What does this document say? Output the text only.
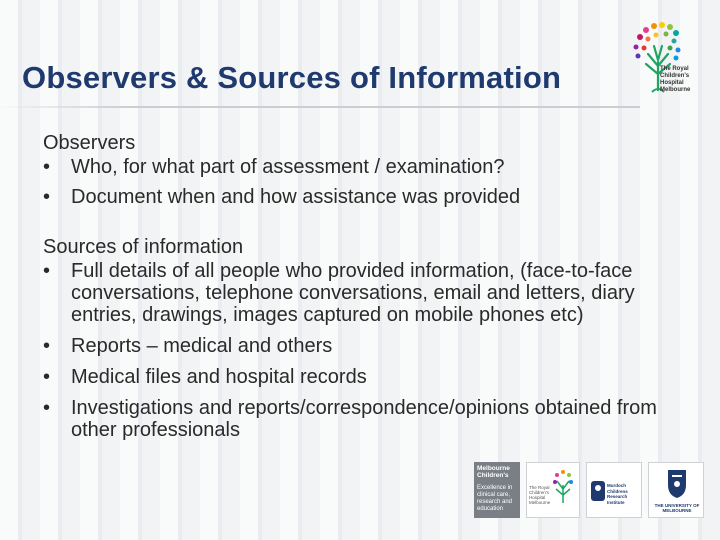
Observers & Sources of Information	The Royal
Children's
Hospital
Melbourne
Observers
•	Who, for what part of assessment / examination?
•	Document when and how assistance was provided
Sources of information
•	Full details of all people who provided information, (face-to-face conversations, telephone conversations, email and letters, diary entries, drawings, images captured on mobile phones etc)
•	Reports – medical and others
•	Medical files and hospital records
•	Investigations and reports/correspondence/opinions obtained from other professionals
Melbourne Children's
Excellence in clinical care, research and education
The Royal Children's Hospital Melbourne
Murdoch Childrens Research Institute
THE UNIVERSITY OF MELBOURNE
